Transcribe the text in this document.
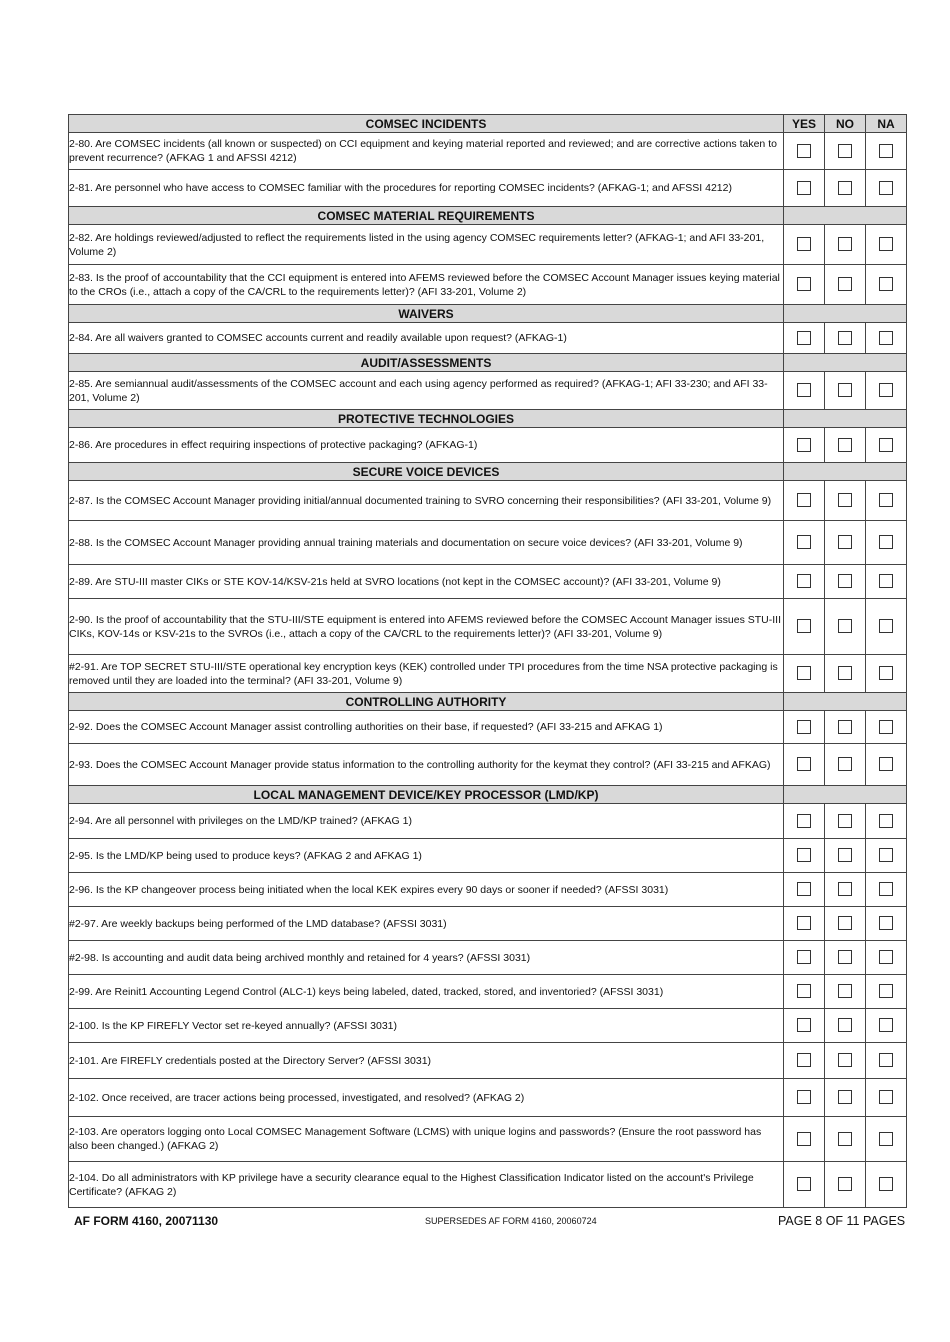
COMSEC INCIDENTS	YES	NO	NA
2-80. Are COMSEC incidents (all known or suspected) on CCI equipment and keying material reported and reviewed; and are corrective actions taken to prevent recurrence? (AFKAG 1 and AFSSI 4212)			
2-81. Are personnel who have access to COMSEC familiar with the procedures for reporting COMSEC incidents? (AFKAG-1; and AFSSI 4212)			
COMSEC MATERIAL REQUIREMENTS			
2-82. Are holdings reviewed/adjusted to reflect the requirements listed in the using agency COMSEC requirements letter? (AFKAG-1; and AFI 33-201, Volume 2)			
2-83. Is the proof of accountability that the CCI equipment is entered into AFEMS reviewed before the COMSEC Account Manager issues keying material to the CROs (i.e., attach a copy of the CA/CRL to the requirements letter)? (AFI 33-201, Volume 2)			
WAIVERS			
2-84. Are all waivers granted to COMSEC accounts current and readily available upon request? (AFKAG-1)			
AUDIT/ASSESSMENTS			
2-85. Are semiannual audit/assessments of the COMSEC account and each using agency performed as required? (AFKAG-1; AFI 33-230; and AFI 33-201, Volume 2)			
PROTECTIVE TECHNOLOGIES			
2-86. Are procedures in effect requiring inspections of protective packaging? (AFKAG-1)			
SECURE VOICE DEVICES			
2-87. Is the COMSEC Account Manager providing initial/annual documented training to SVRO concerning their responsibilities? (AFI 33-201, Volume 9)			
2-88. Is the COMSEC Account Manager providing annual training materials and documentation on secure voice devices? (AFI 33-201, Volume 9)			
2-89. Are STU-III master CIKs or STE KOV-14/KSV-21s held at SVRO locations (not kept in the COMSEC account)? (AFI 33-201, Volume 9)			
2-90. Is the proof of accountability that the STU-III/STE equipment is entered into AFEMS reviewed before the COMSEC Account Manager issues STU-III CIKs, KOV-14s or KSV-21s to the SVROs (i.e., attach a copy of the CA/CRL to the requirements letter)? (AFI 33-201, Volume 9)			
#2-91. Are TOP SECRET STU-III/STE operational key encryption keys (KEK) controlled under TPI procedures from the time NSA protective packaging is removed until they are loaded into the terminal? (AFI 33-201, Volume 9)			
CONTROLLING AUTHORITY			
2-92. Does the COMSEC Account Manager assist controlling authorities on their base, if requested? (AFI 33-215 and AFKAG 1)			
2-93. Does the COMSEC Account Manager provide status information to the controlling authority for the keymat they control? (AFI 33-215 and AFKAG)			
LOCAL MANAGEMENT DEVICE/KEY PROCESSOR (LMD/KP)			
2-94. Are all personnel with privileges on the LMD/KP trained? (AFKAG 1)			
2-95. Is the LMD/KP being used to produce keys? (AFKAG 2 and AFKAG 1)			
2-96. Is the KP changeover process being initiated when the local KEK expires every 90 days or sooner if needed? (AFSSI 3031)			
#2-97. Are weekly backups being performed of the LMD database? (AFSSI 3031)			
#2-98. Is accounting and audit data being archived monthly and retained for 4 years? (AFSSI 3031)			
2-99. Are Reinit1 Accounting Legend Control (ALC-1) keys being labeled, dated, tracked, stored, and inventoried? (AFSSI 3031)			
2-100. Is the KP FIREFLY Vector set re-keyed annually? (AFSSI 3031)			
2-101. Are FIREFLY credentials posted at the Directory Server? (AFSSI 3031)			
2-102. Once received, are tracer actions being processed, investigated, and resolved? (AFKAG 2)			
2-103. Are operators logging onto Local COMSEC Management Software (LCMS) with unique logins and passwords? (Ensure the root password has also been changed.) (AFKAG 2)			
2-104. Do all administrators with KP privilege have a security clearance equal to the Highest Classification Indicator listed on the account's Privilege Certificate? (AFKAG 2)			
AF FORM 4160, 20071130	SUPERSEDES AF FORM 4160, 20060724	PAGE 8 OF 11 PAGES
